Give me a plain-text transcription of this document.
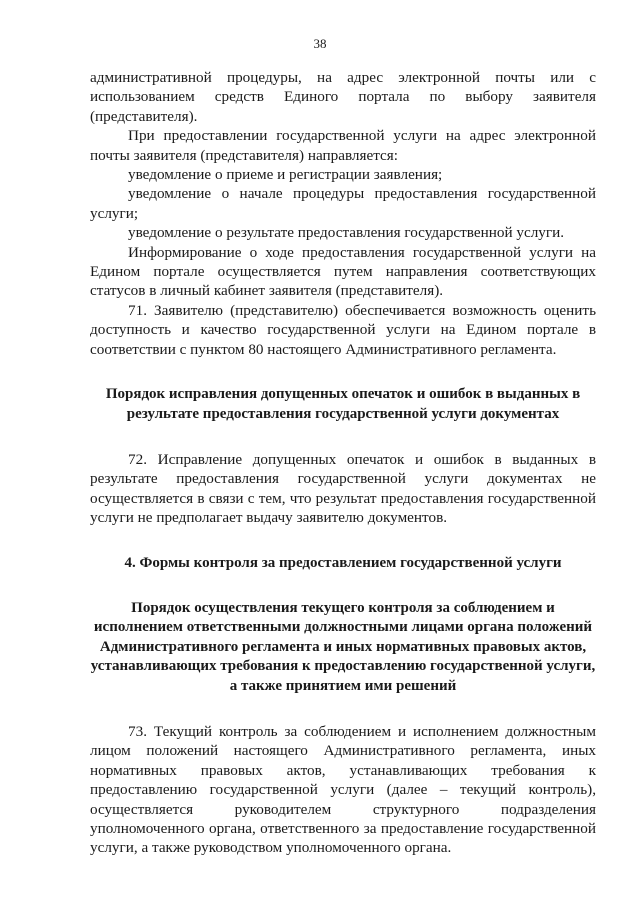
38

административной процедуры, на адрес электронной почты или с использованием средств Единого портала по выбору заявителя (представителя).

При предоставлении государственной услуги на адрес электронной почты заявителя (представителя) направляется:

уведомление о приеме и регистрации заявления;

уведомление о начале процедуры предоставления государственной услуги;

уведомление о результате предоставления государственной услуги.

Информирование о ходе предоставления государственной услуги на Едином портале осуществляется путем направления соответствующих статусов в личный кабинет заявителя (представителя).

71. Заявителю (представителю) обеспечивается возможность оценить доступность и качество государственной услуги на Едином портале в соответствии с пунктом 80 настоящего Административного регламента.

Порядок исправления допущенных опечаток и ошибок в выданных в результате предоставления государственной услуги документах

72. Исправление допущенных опечаток и ошибок в выданных в результате предоставления государственной услуги документах не осуществляется в связи с тем, что результат предоставления государственной услуги не предполагает выдачу заявителю документов.

4. Формы контроля за предоставлением государственной услуги

Порядок осуществления текущего контроля за соблюдением и исполнением ответственными должностными лицами органа положений Административного регламента и иных нормативных правовых актов, устанавливающих требования к предоставлению государственной услуги, а также принятием ими решений

73. Текущий контроль за соблюдением и исполнением должностным лицом положений настоящего Административного регламента, иных нормативных правовых актов, устанавливающих требования к предоставлению государственной услуги (далее – текущий контроль), осуществляется руководителем структурного подразделения уполномоченного органа, ответственного за предоставление государственной услуги, а также руководством уполномоченного органа.
